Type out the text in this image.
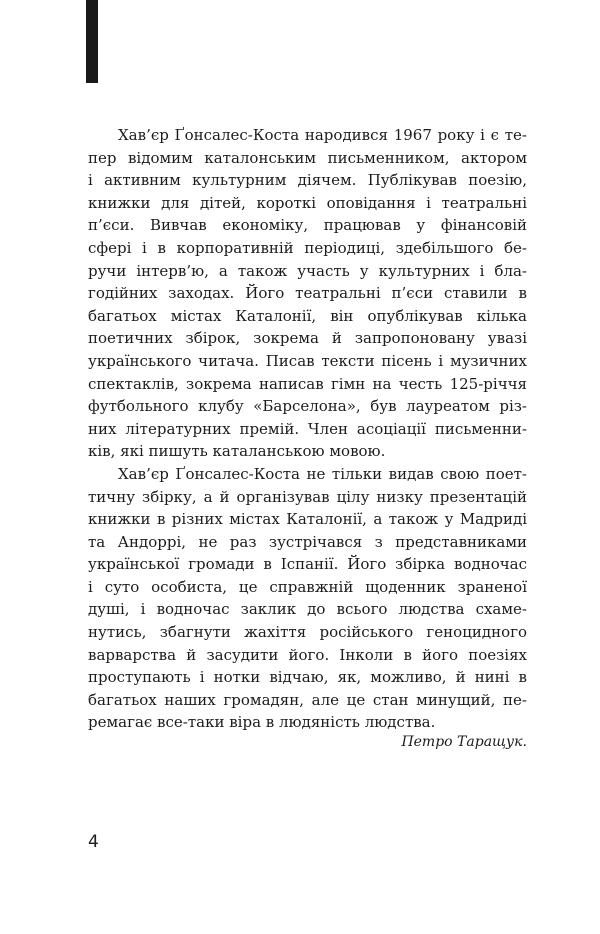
Хав’єр Ґонсалес-Коста народився 1967 року і є те-
пер відомим каталонським письменником, актором
і активним культурним діячем. Публікував поезію,
книжки для дітей, короткі оповідання і театральні
п’єси. Вивчав економіку, працював у фінансовій
сфері і в корпоративній періодиці, здебільшого бе-
ручи інтерв’ю, а також участь у культурних і бла-
годійних заходах. Його театральні п’єси ставили в
багатьох містах Каталонії, він опублікував кілька
поетичних збірок, зокрема й запропоновану увазі
українського читача. Писав тексти пісень і музичних
спектаклів, зокрема написав гімн на честь 125-річчя
футбольного клубу «Барселона», був лауреатом різ-
них літературних премій. Член асоціації письменни-
ків, які пишуть каталанською мовою.

Хав’єр Ґонсалес-Коста не тільки видав свою поет-
тичну збірку, а й організував цілу низку презентацій
книжки в різних містах Каталонії, а також у Мадриді
та Андоррі, не раз зустрічався з представниками
української громади в Іспанії. Його збірка водночас
і суто особиста, це справжній щоденник зраненої
душі, і водночас заклик до всього людства схаме-
нутись, збагнути жахіття російського геноцидного
варварства й засудити його. Інколи в його поезіях
проступають і нотки відчаю, як, можливо, й нині в
багатьох наших громадян, але це стан минущий, пе-
ремагає все-таки віра в людяність людства.

Петро Таращук.
4
